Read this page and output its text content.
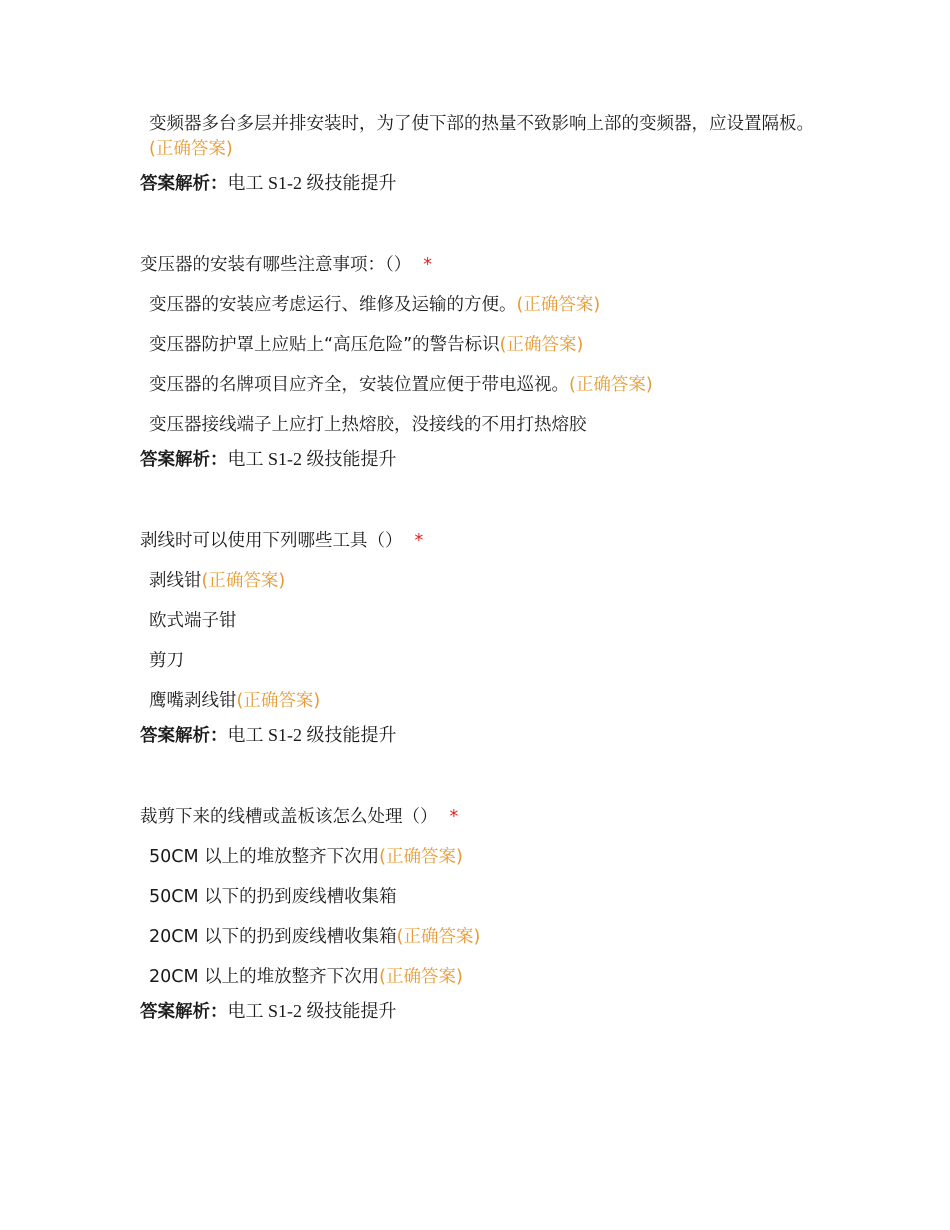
变频器多台多层并排安装时，为了使下部的热量不致影响上部的变频器，应设置隔板。(正确答案)
答案解析：电工 S1-2 级技能提升
变压器的安装有哪些注意事项：（） *
变压器的安装应考虑运行、维修及运输的方便。(正确答案)
变压器防护罩上应贴上“高压危险”的警告标识(正确答案)
变压器的名牌项目应齐全，安装位置应便于带电巡视。(正确答案)
变压器接线端子上应打上热熔胶，没接线的不用打热熔胶
答案解析：电工 S1-2 级技能提升
剥线时可以使用下列哪些工具（） *
剥线钳(正确答案)
欧式端子钳
剪刀
鹰嘴剥线钳(正确答案)
答案解析：电工 S1-2 级技能提升
裁剪下来的线槽或盖板该怎么处理（） *
50CM 以上的堆放整齐下次用(正确答案)
50CM 以下的扔到废线槽收集箱
20CM 以下的扔到废线槽收集箱(正确答案)
20CM 以上的堆放整齐下次用(正确答案)
答案解析：电工 S1-2 级技能提升
